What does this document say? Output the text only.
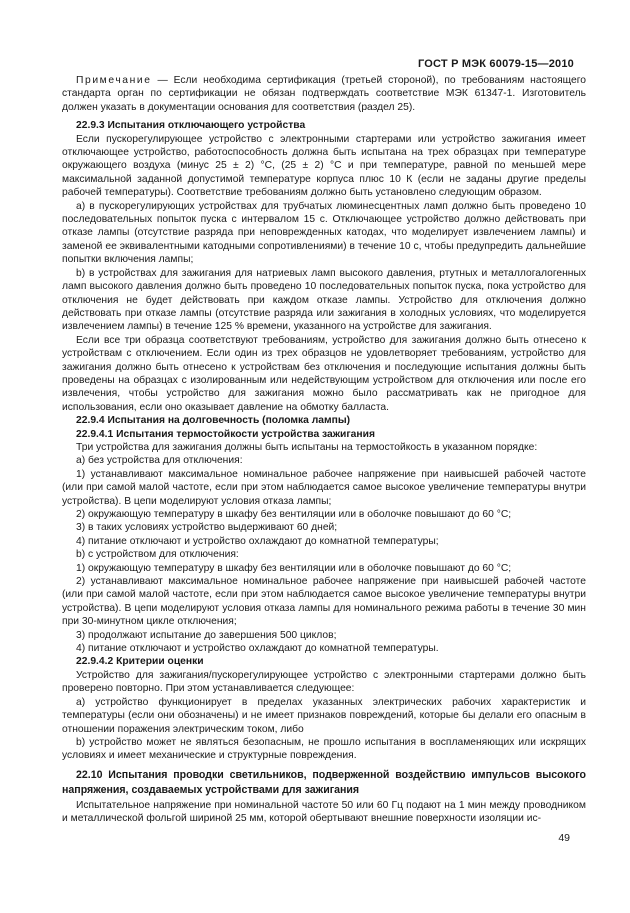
ГОСТ Р МЭК 60079-15—2010

Примечание — Если необходима сертификация (третьей стороной), по требованиям настоящего стандарта орган по сертификации не обязан подтверждать соответствие МЭК 61347-1. Изготовитель должен указать в документации основания для соответствия (раздел 25).

22.9.3 Испытания отключающего устройства

Если пускорегулирующее устройство с электронными стартерами или устройство зажигания имеет отключающее устройство, работоспособность должна быть испытана на трех образцах при температуре окружающего воздуха (минус 25 ± 2) °С, (25 ± 2) °С и при температуре, равной по меньшей мере максимальной заданной допустимой температуре корпуса плюс 10 К (если не заданы другие пределы рабочей температуры). Соответствие требованиям должно быть установлено следующим образом.

а) в пускорегулирующих устройствах для трубчатых люминесцентных ламп должно быть проведено 10 последовательных попыток пуска с интервалом 15 с. Отключающее устройство должно действовать при отказе лампы (отсутствие разряда при неповрежденных катодах, что моделирует извлечением лампы) и заменой ее эквивалентными катодными сопротивлениями) в течение 10 с, чтобы предупредить дальнейшие попытки включения лампы;

b) в устройствах для зажигания для натриевых ламп высокого давления, ртутных и металлогалогенных ламп высокого давления должно быть проведено 10 последовательных попыток пуска, пока устройство для отключения не будет действовать при каждом отказе лампы. Устройство для отключения должно действовать при отказе лампы (отсутствие разряда или зажигания в холодных условиях, что моделируется извлечением лампы) в течение 125 % времени, указанного на устройстве для зажигания.

Если все три образца соответствуют требованиям, устройство для зажигания должно быть отнесено к устройствам с отключением. Если один из трех образцов не удовлетворяет требованиям, устройство для зажигания должно быть отнесено к устройствам без отключения и последующие испытания должны быть проведены на образцах с изолированным или недействующим устройством для отключения или после его извлечения, чтобы устройство для зажигания можно было рассматривать как не пригодное для использования, если оно оказывает давление на обмотку балласта.

22.9.4 Испытания на долговечность (поломка лампы)
22.9.4.1 Испытания термостойкости устройства зажигания

Три устройства для зажигания должны быть испытаны на термостойкость в указанном порядке:

а) без устройства для отключения:

1) устанавливают максимальное номинальное рабочее напряжение при наивысшей рабочей частоте (или при самой малой частоте, если при этом наблюдается самое высокое увеличение температуры внутри устройства). В цепи моделируют условия отказа лампы;

2) окружающую температуру в шкафу без вентиляции или в оболочке повышают до 60 °С;

3) в таких условиях устройство выдерживают 60 дней;

4) питание отключают и устройство охлаждают до комнатной температуры;

b) с устройством для отключения:

1) окружающую температуру в шкафу без вентиляции или в оболочке повышают до 60 °С;

2) устанавливают максимальное номинальное рабочее напряжение при наивысшей рабочей частоте (или при самой малой частоте, если при этом наблюдается самое высокое увеличение температуры внутри устройства). В цепи моделируют условия отказа лампы для номинального режима работы в течение 30 мин при 30-минутном цикле отключения;

3) продолжают испытание до завершения 500 циклов;

4) питание отключают и устройство охлаждают до комнатной температуры.

22.9.4.2 Критерии оценки

Устройство для зажигания/пускорегулирующее устройство с электронными стартерами должно быть проверено повторно. При этом устанавливается следующее:

а) устройство функционирует в пределах указанных электрических рабочих характеристик и температуры (если они обозначены) и не имеет признаков повреждений, которые бы делали его опасным в отношении поражения электрическим током, либо

b) устройство может не являться безопасным, не прошло испытания в воспламеняющих или искрящих условиях и имеет механические и структурные повреждения.

22.10 Испытания проводки светильников, подверженной воздействию импульсов высокого напряжения, создаваемых устройствами для зажигания

Испытательное напряжение при номинальной частоте 50 или 60 Гц подают на 1 мин между проводником и металлической фольгой шириной 25 мм, которой обертывают внешние поверхности изоляции ис-

49
